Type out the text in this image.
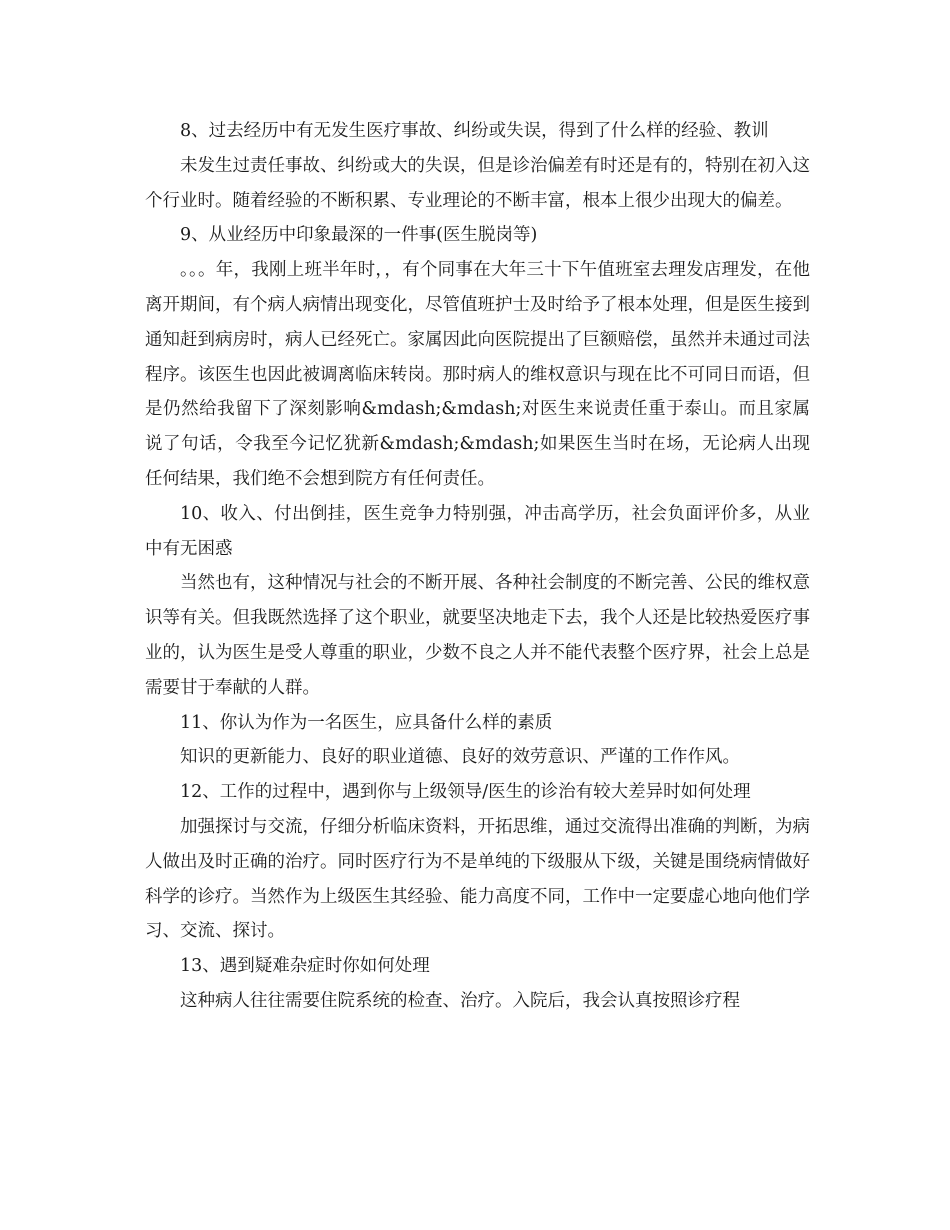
8、过去经历中有无发生医疗事故、纠纷或失误，得到了什么样的经验、教训

未发生过责任事故、纠纷或大的失误，但是诊治偏差有时还是有的，特别在初入这个行业时。随着经验的不断积累、专业理论的不断丰富，根本上很少出现大的偏差。

9、从业经历中印象最深的一件事(医生脱岗等)

。。。年，我刚上班半年时，，有个同事在大年三十下午值班室去理发店理发，在他离开期间，有个病人病情出现变化，尽管值班护士及时给予了根本处理，但是医生接到通知赶到病房时，病人已经死亡。家属因此向医院提出了巨额赔偿，虽然并未通过司法程序。该医生也因此被调离临床转岗。那时病人的维权意识与现在比不可同日而语，但是仍然给我留下了深刻影响&mdash;&mdash;对医生来说责任重于泰山。而且家属说了句话，令我至今记忆犹新&mdash;&mdash;如果医生当时在场，无论病人出现任何结果，我们绝不会想到院方有任何责任。

10、收入、付出倒挂，医生竞争力特别强，冲击高学历，社会负面评价多，从业中有无困惑

当然也有，这种情况与社会的不断开展、各种社会制度的不断完善、公民的维权意识等有关。但我既然选择了这个职业，就要坚决地走下去，我个人还是比较热爱医疗事业的，认为医生是受人尊重的职业，少数不良之人并不能代表整个医疗界，社会上总是需要甘于奉献的人群。

11、你认为作为一名医生，应具备什么样的素质

知识的更新能力、良好的职业道德、良好的效劳意识、严谨的工作作风。

12、工作的过程中，遇到你与上级领导/医生的诊治有较大差异时如何处理

加强探讨与交流，仔细分析临床资料，开拓思维，通过交流得出准确的判断，为病人做出及时正确的治疗。同时医疗行为不是单纯的下级服从下级，关键是围绕病情做好科学的诊疗。当然作为上级医生其经验、能力高度不同，工作中一定要虚心地向他们学习、交流、探讨。

13、遇到疑难杂症时你如何处理

这种病人往往需要住院系统的检查、治疗。入院后，我会认真按照诊疗程
